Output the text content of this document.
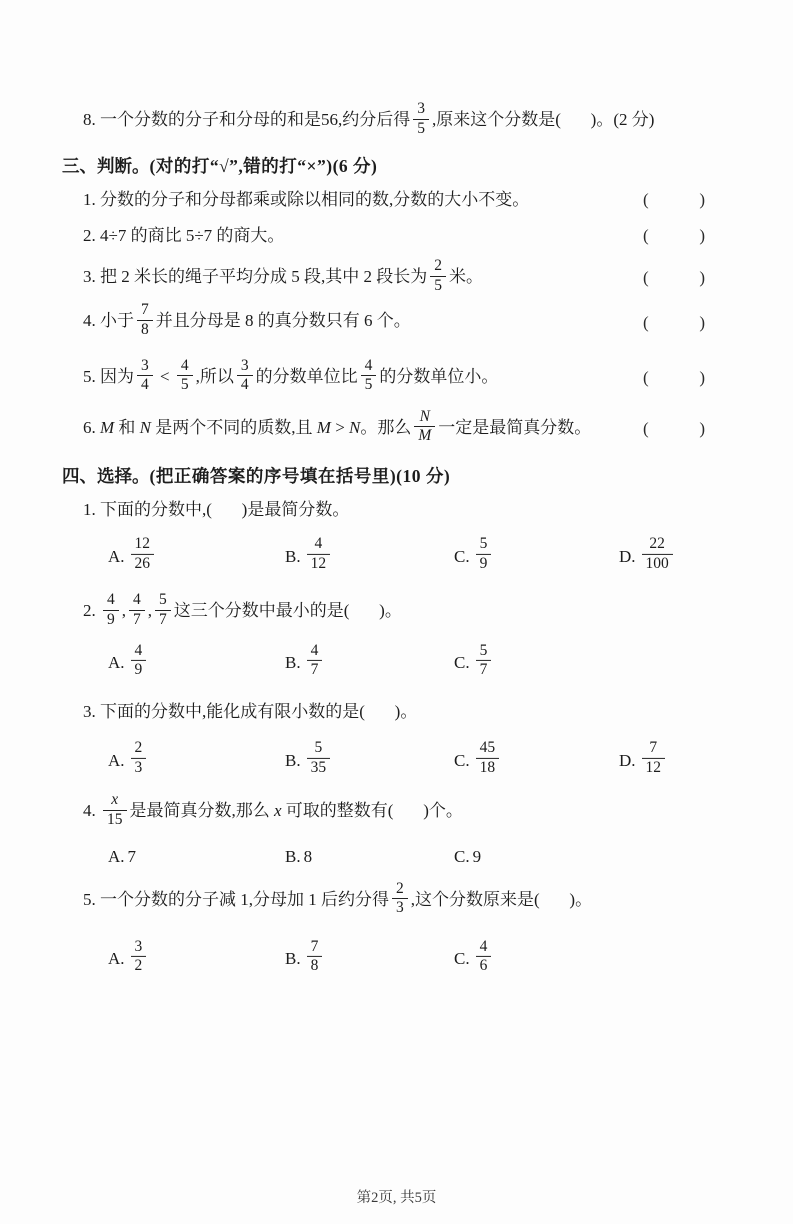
8. 一个分数的分子和分母的和是56,约分后得 $\frac{3}{5}$ ,原来这个分数是(       )。(2 分)
三、判断。(对的打“√”,错的打“×”)(6 分)
1. 分数的分子和分母都乘或除以相同的数,分数的大小不变。	(	)
2. 4÷7 的商比 5÷7 的商大。	(	)
3. 把 2 米长的绳子平均分成 5 段,其中 2 段长为 $\frac{2}{5}$ 米。	(	)
4. 小于 $\frac{7}{8}$ 并且分母是 8 的真分数只有 6 个。	(	)
5. 因为 $\frac{3}{4} < \frac{4}{5}$ ,所以 $\frac{3}{4}$ 的分数单位比 $\frac{4}{5}$ 的分数单位小。	(	)
6. M 和 N 是两个不同的质数,且 M > N。那么 $\frac{N}{M}$ 一定是最简真分数。	(	)
四、选择。(把正确答案的序号填在括号里)(10 分)
1. 下面的分数中,(       )是最简分数。
A. $\frac{12}{26}$	B. $\frac{4}{12}$	C. $\frac{5}{9}$	D. $\frac{22}{100}$
2. $\frac{4}{9}$ , $\frac{4}{7}$ , $\frac{5}{7}$ 这三个分数中最小的是(       )。
A. $\frac{4}{9}$	B. $\frac{4}{7}$	C. $\frac{5}{7}$
3. 下面的分数中,能化成有限小数的是(       )。
A. $\frac{2}{3}$	B. $\frac{5}{35}$	C. $\frac{45}{18}$	D. $\frac{7}{12}$
4. $\frac{x}{15}$ 是最简真分数,那么 x 可取的整数有(       )个。
A. 7	B. 8	C. 9
5. 一个分数的分子减 1,分母加 1 后约分得 $\frac{2}{3}$ ,这个分数原来是(       )。
A. $\frac{3}{2}$	B. $\frac{7}{8}$	C. $\frac{4}{6}$
第2页, 共5页
